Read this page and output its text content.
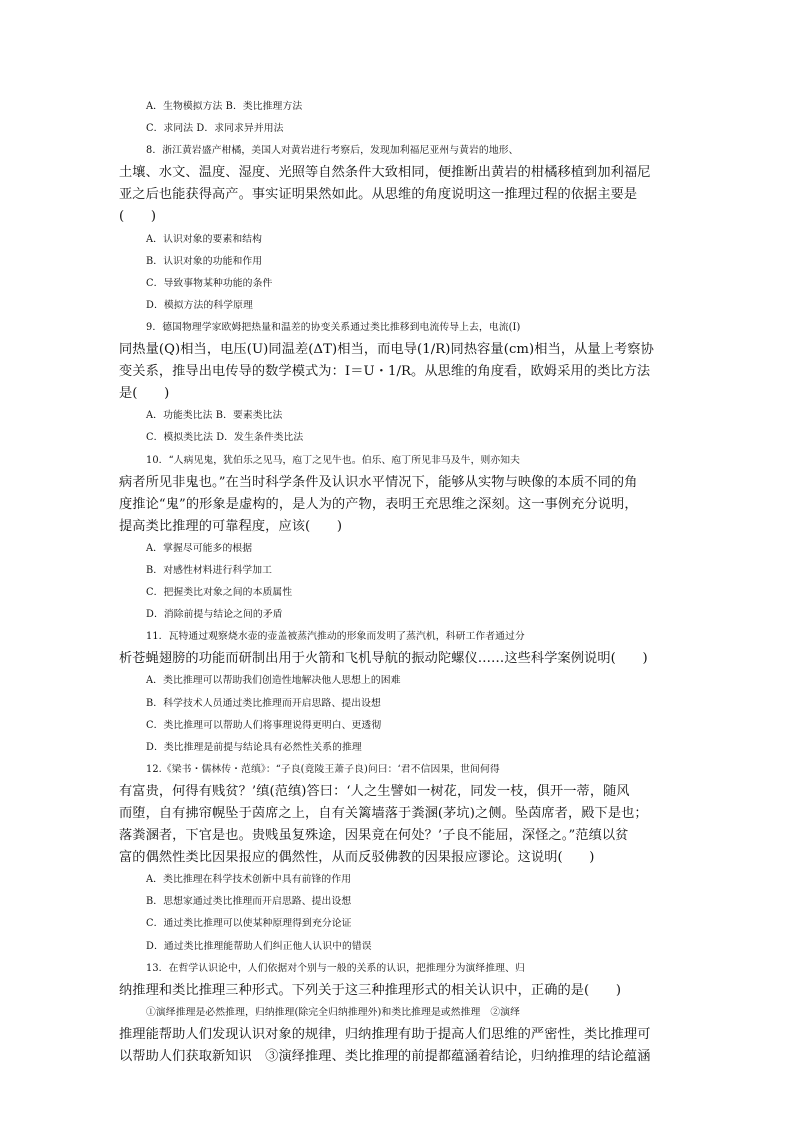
A．生物模拟方法 B．类比推理方法
C．求同法 D．求同求异并用法
8．浙江黄岩盛产柑橘，美国人对黄岩进行考察后，发现加利福尼亚州与黄岩的地形、
土壤、水文、温度、湿度、光照等自然条件大致相同，便推断出黄岩的柑橘移植到加利福尼
亚之后也能获得高产。事实证明果然如此。从思维的角度说明这一推理过程的依据主要是
(　　)
A．认识对象的要素和结构
B．认识对象的功能和作用
C．导致事物某种功能的条件
D．模拟方法的科学原理
9．德国物理学家欧姆把热量和温差的协变关系通过类比推移到电流传导上去，电流(I)
同热量(Q)相当，电压(U)同温差(ΔT)相当，而电导(1/R)同热容量(cm)相当，从量上考察协
变关系，推导出电传导的数学模式为：I＝U・1/R。从思维的角度看，欧姆采用的类比方法
是(　　)
A．功能类比法 B．要素类比法
C．模拟类比法 D．发生条件类比法
10．“人病见鬼，犹伯乐之见马，庖丁之见牛也。伯乐、庖丁所见非马及牛，则亦知夫
病者所见非鬼也。”在当时科学条件及认识水平情况下，能够从实物与映像的本质不同的角
度推论“鬼”的形象是虚构的，是人为的产物，表明王充思维之深刻。这一事例充分说明，
提高类比推理的可靠程度，应该(　　)
A．掌握尽可能多的根据
B．对感性材料进行科学加工
C．把握类比对象之间的本质属性
D．消除前提与结论之间的矛盾
11．瓦特通过观察烧水壶的壶盖被蒸汽推动的形象而发明了蒸汽机，科研工作者通过分
析苍蝇翅膀的功能而研制出用于火箭和飞机导航的振动陀螺仪……这些科学案例说明(　　)
A．类比推理可以帮助我们创造性地解决他人思想上的困难
B．科学技术人员通过类比推理而开启思路、提出设想
C．类比推理可以帮助人们将事理说得更明白、更透彻
D．类比推理是前提与结论具有必然性关系的推理
12.《梁书・儒林传・范缜》：“子良(竟陵王萧子良)问曰：‘君不信因果，世间何得
有富贵，何得有贱贫？’缜(范缜)答曰：‘人之生譬如一树花，同发一枝，俱开一蒂，随风
而堕，自有拂帘幌坠于茵席之上，自有关篱墙落于粪溷(茅坑)之侧。坠茵席者，殿下是也；
落粪溷者，下官是也。贵贱虽复殊途，因果竟在何处？’子良不能屈，深怪之。”范缜以贫
富的偶然性类比因果报应的偶然性，从而反驳佛教的因果报应谬论。这说明(　　)
A．类比推理在科学技术创新中具有前锋的作用
B．思想家通过类比推理而开启思路、提出设想
C．通过类比推理可以使某种原理得到充分论证
D．通过类比推理能帮助人们纠正他人认识中的错误
13．在哲学认识论中，人们依据对个别与一般的关系的认识，把推理分为演绎推理、归
纳推理和类比推理三种形式。下列关于这三种推理形式的相关认识中，正确的是(　　)
①演绎推理是必然推理，归纳推理(除完全归纳推理外)和类比推理是或然推理　②演绎
推理能帮助人们发现认识对象的规律，归纳推理有助于提高人们思维的严密性，类比推理可
以帮助人们获取新知识　③演绎推理、类比推理的前提都蕴涵着结论，归纳推理的结论蕴涵
